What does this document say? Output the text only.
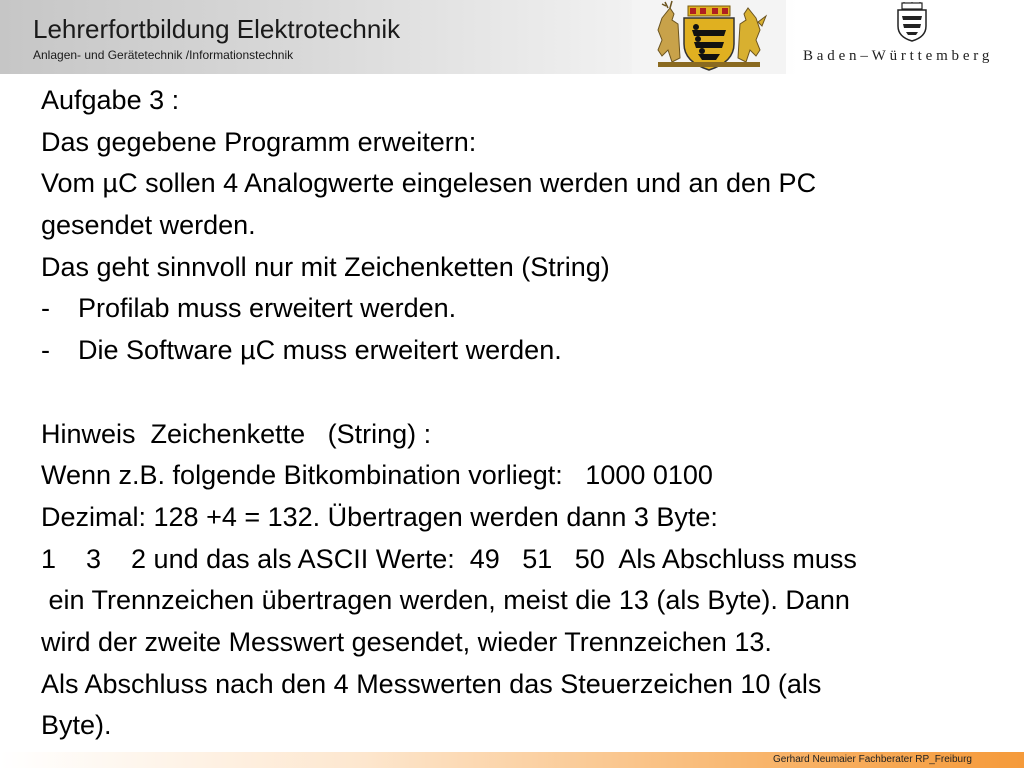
Lehrerfortbildung Elektrotechnik
Anlagen- und Gerätetechnik /Informationstechnik	Baden–Württemberg
Aufgabe 3 :
Das gegebene Programm erweitern:
Vom µC sollen 4 Analogwerte eingelesen werden und an den PC
gesendet werden.
Das geht sinnvoll nur mit Zeichenketten (String)
- Profilab muss erweitert werden.
- Die Software µC muss erweitert werden.
Hinweis  Zeichenkette   (String) :
Wenn z.B. folgende Bitkombination vorliegt:   1000 0100
Dezimal: 128 +4 = 132. Übertragen werden dann 3 Byte:
1    3    2 und das als ASCII Werte:  49   51   50  Als Abschluss muss
ein Trennzeichen übertragen werden, meist die 13 (als Byte). Dann
wird der zweite Messwert gesendet, wieder Trennzeichen 13.
Als Abschluss nach den 4 Messwerten das Steuerzeichen 10 (als
Byte).
Gerhard Neumaier Fachberater RP_Freiburg
